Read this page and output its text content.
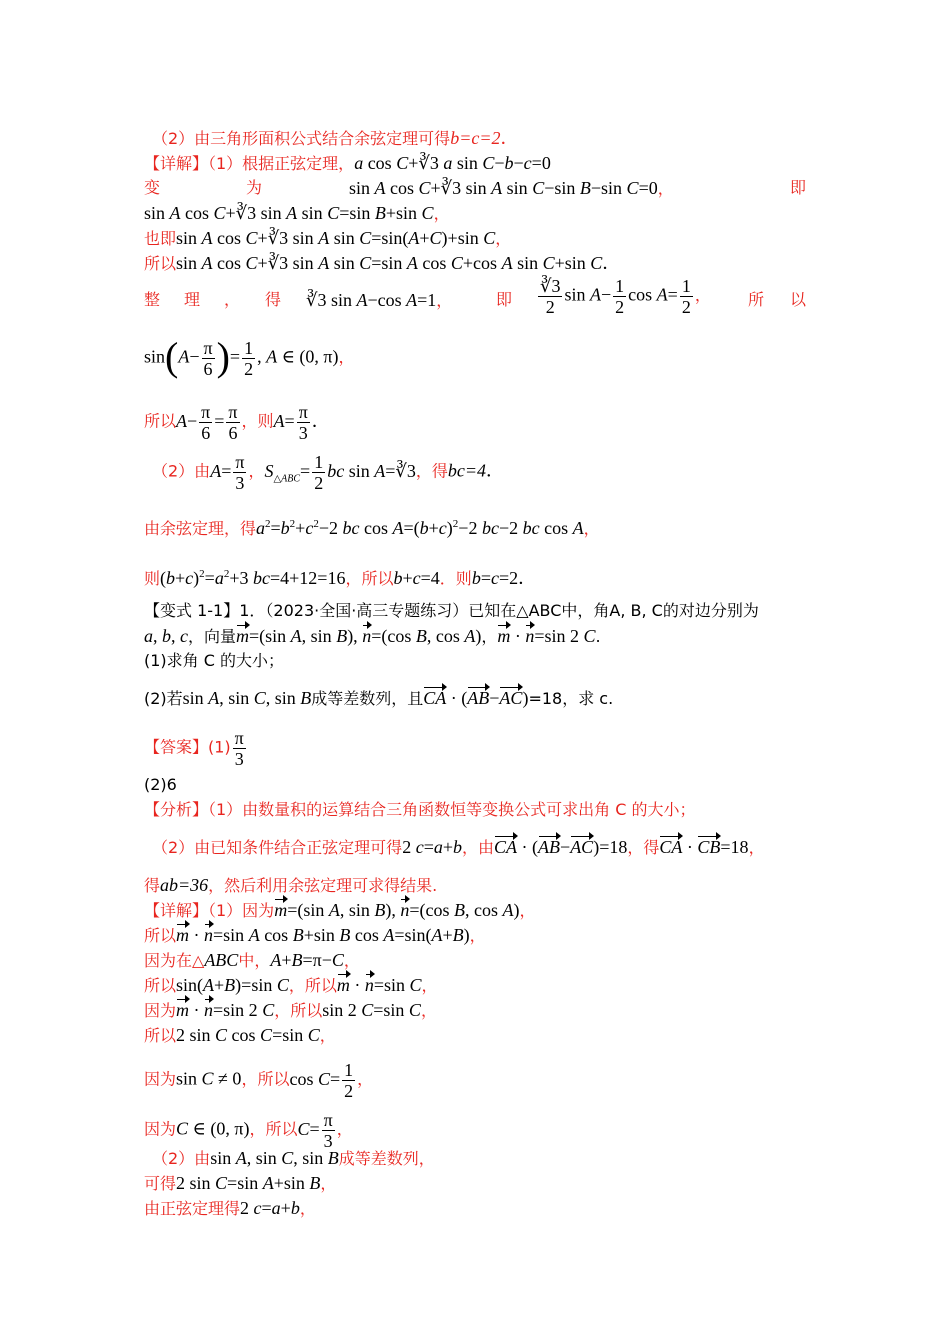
（2）由三角形面积公式结合余弦定理可得b=c=2．
【详解】（1）根据正弦定理，a cos C+∛3 a sin C−b−c=0
变	为	sin A cos C+∛3 sin A sin C−sin B−sin C=0，	即
sin A cos C+∛3 sin A sin C=sin B+sin C，
也即sin A cos C+∛3 sin A sin C=sin(A+C)+sin C，
所以sin A cos C+∛3 sin A sin C=sin A cos C+cos A sin C+sin C．
整 理 ， 得 ∛3 sin A−cos A=1，	即 $\frac{∛3}{2}$ $\sin A- \frac{1}{2}$ $\cos A= \frac{1}{2}$ ， 所 以
$\sin(A- \frac{\pi}{6}$ )= $\frac{1}{2}$ , A ∈ (0, π)，
所以$A- \frac{\pi}{6} = \frac{\pi}{6}$ ，则$A= \frac{\pi}{3}$ ．
（2）由$A= \frac{\pi}{3}$ ，$S_{\triangle ABC}= \frac{1}{2}$ bc sin A=∛3，得bc=4．
由余弦定理，得$a^2=b^2+c^2-2$ bc $\cos A=(b+c)^2-2$ bc−2 bc cos A，
则$(b+c)^2=a^2+3$ bc=4+12=16，所以b+c=4．则b=c=2．
【变式 1-1】1．（2023·全国·高三专题练习）已知在△ABC中，角A, B, C的对边分别为
a, b, c，向量m=(sin A, sin B), n=(cos B, cos A)，m · n=sin 2 C.
(1)求角 C 的大小；
(2)若sin A, sin C, sin B成等差数列，且CA · (AB−AC)=18，求 c.
【答案】$(1) \frac{\pi}{3}$
(2)6
【分析】（1）由数量积的运算结合三角函数恒等变换公式可求出角 C 的大小；
（2）由已知条件结合正弦定理可得2 c=a+b，由CA · (AB−AC)=18，得CA · CB=18，
得ab=36，然后利用余弦定理可求得结果.
【详解】（1）因为m=(sin A, sin B), n=(cos B, cos A)，
所以m · n=sin A cos B+sin B cos A=sin(A+B)，
因为在△ABC中，A+B=π−C，
所以sin(A+B)=sin C，所以m · n=sin C，
因为m · n=sin 2 C，所以sin 2 C=sin C，
所以2 sin C cos C=sin C，
因为sin C ≠ 0，所以$\cos C= \frac{1}{2}$ ，
因为C ∈ (0, π)，所以$C= \frac{\pi}{3}$ ，
（2）由sin A, sin C, sin B成等差数列，
可得2 sin C=sin A+sin B，
由正弦定理得2 c=a+b，
